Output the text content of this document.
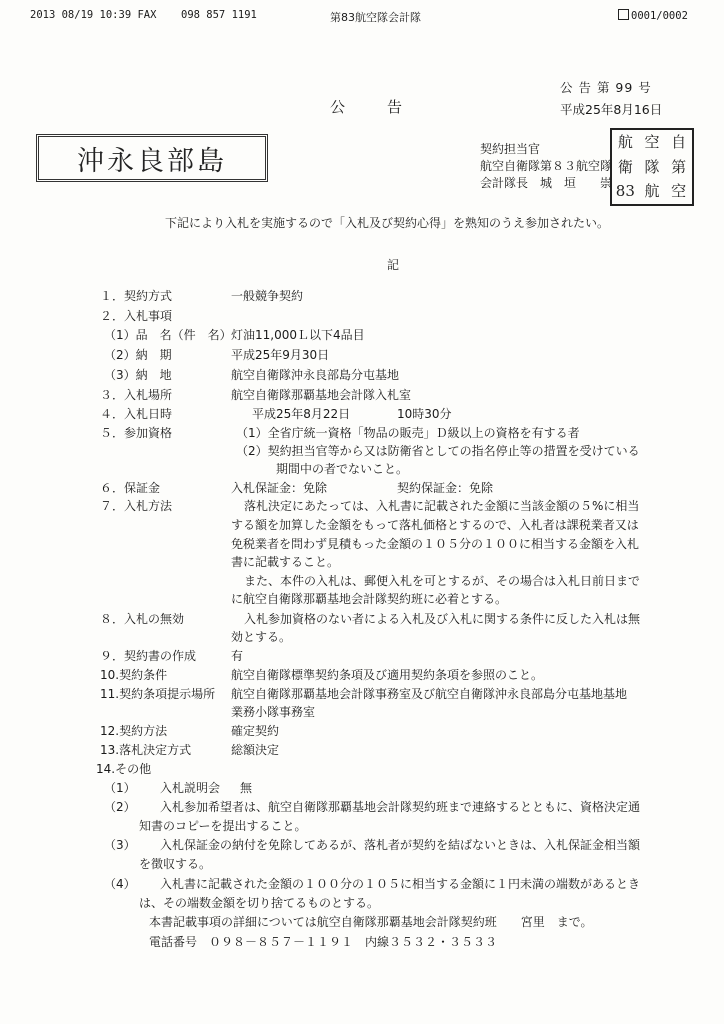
2013 08/19 10:39 FAX 098 857 1191	第83航空隊会計隊	0001/0002
公 告 第 99 号
平成25年8月16日
公　　告
沖永良部島	契約担当官
航空自衛隊第８３航空隊
会計隊長　城　垣　　崇
航 空 自
衛 隊 第
83 航 空
下記により入札を実施するので「入札及び契約心得」を熟知のうえ参加されたい。
記
１．契約方式	一般競争契約
２．入札事項
（1）品　名（件　名） 灯油11,000Ｌ以下4品目
（2）納　期	平成25年9月30日
（3）納　地	航空自衛隊沖永良部島分屯基地
３．入札場所	航空自衛隊那覇基地会計隊入札室
４．入札日時	平成25年8月22日	10時30分
５．参加資格	（1）全省庁統一資格「物品の販売」Ｄ級以上の資格を有する者
（2）契約担当官等から又は防衛省としての指名停止等の措置を受けている
期間中の者でないこと。
６．保証金	入札保証金：免除	契約保証金：免除
７．入札方法	落札決定にあたっては、入札書に記載された金額に当該金額の５%に相当
する額を加算した金額をもって落札価格とするので、入札者は課税業者又は
免税業者を問わず見積もった金額の１０５分の１００に相当する金額を入札
書に記載すること。
また、本件の入札は、郵便入札を可とするが、その場合は入札日前日まで
に航空自衛隊那覇基地会計隊契約班に必着とする。
８．入札の無効	入札参加資格のない者による入札及び入札に関する条件に反した入札は無
効とする。
９．契約書の作成	有
10.契約条件	航空自衛隊標準契約条項及び適用契約条項を参照のこと。
11.契約条項提示場所 航空自衛隊那覇基地会計隊事務室及び航空自衛隊沖永良部島分屯基地基地
業務小隊事務室
12.契約方法	確定契約
13.落札決定方式	総額決定
14.その他
（1） 入札説明会 無
（2） 入札参加希望者は、航空自衛隊那覇基地会計隊契約班まで連絡するとともに、資格決定通
知書のコピーを提出すること。
（3） 入札保証金の納付を免除してあるが、落札者が契約を結ばないときは、入札保証金相当額
を徴収する。
（4） 入札書に記載された金額の１００分の１０５に相当する金額に１円未満の端数があるとき
は、その端数金額を切り捨てるものとする。
本書記載事項の詳細については航空自衛隊那覇基地会計隊契約班　　宮里　まで。
電話番号　０９８－８５７－１１９１　内線３５３２・３５３３
